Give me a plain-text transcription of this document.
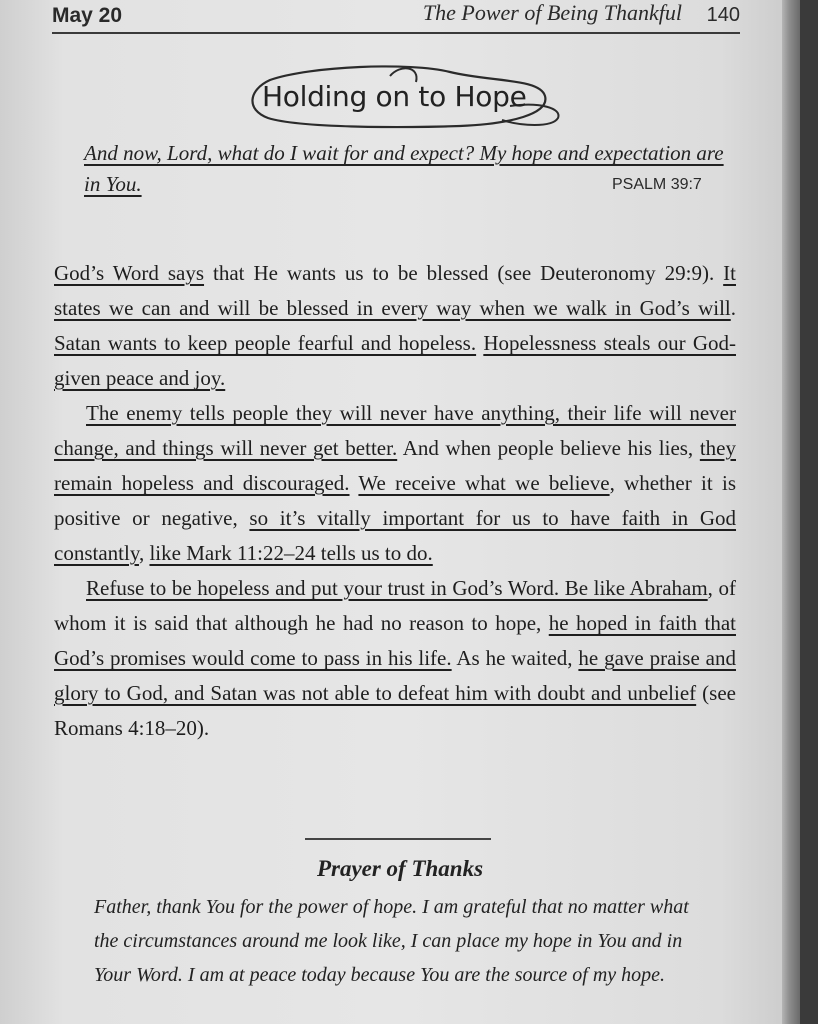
May 20	The Power of Being Thankful 140
Holding on to Hope
And now, Lord, what do I wait for and expect? My hope and expectation are in You.	PSALM 39:7

God’s Word says that He wants us to be blessed (see Deuteronomy 29:9). It states we can and will be blessed in every way when we walk in God’s will. Satan wants to keep people fearful and hopeless. Hopelessness steals our God-given peace and joy.

The enemy tells people they will never have anything, their life will never change, and things will never get better. And when people believe his lies, they remain hopeless and discouraged. We receive what we believe, whether it is positive or negative, so it’s vitally important for us to have faith in God constantly, like Mark 11:22–24 tells us to do.

Refuse to be hopeless and put your trust in God’s Word. Be like Abraham, of whom it is said that although he had no reason to hope, he hoped in faith that God’s promises would come to pass in his life. As he waited, he gave praise and glory to God, and Satan was not able to defeat him with doubt and unbelief (see Romans 4:18–20).

Prayer of Thanks
Father, thank You for the power of hope. I am grateful that no matter what the circumstances around me look like, I can place my hope in You and in Your Word. I am at peace today because You are the source of my hope.
